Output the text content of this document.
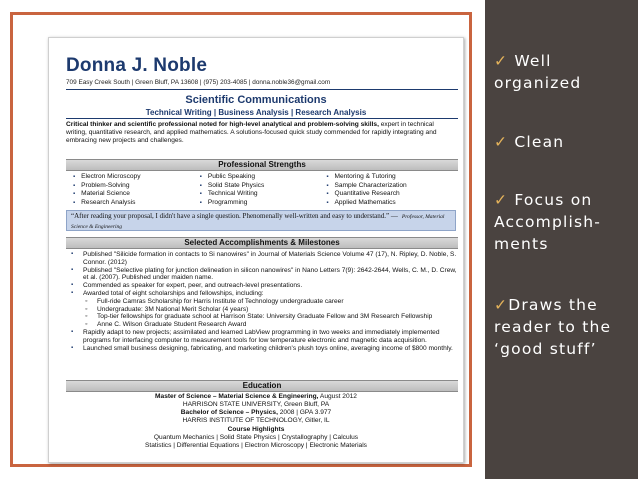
Donna J. Noble
709 Easy Creek South | Green Bluff, PA 13608 | (975) 203-4085 | donna.noble36@gmail.com
Scientific Communications
Technical Writing | Business Analysis | Research Analysis
Critical thinker and scientific professional noted for high-level analytical and problem-solving skills, expert in technical writing, quantitative research, and applied mathematics. A solutions-focused quick study commended for rapidly integrating and embracing new projects and challenges.
Professional Strengths
▪ Electron Microscopy
▪ Problem-Solving
▪ Material Science
▪ Research Analysis
▪ Public Speaking
▪ Solid State Physics
▪ Technical Writing
▪ Programming
▪ Mentoring & Tutoring
▪ Sample Characterization
▪ Quantitative Research
▪ Applied Mathematics
“After reading your proposal, I didn't have a single question. Phenomenally well-written and easy to understand.” — Professor, Material Science & Engineering
Selected Accomplishments & Milestones
▪ Published "Silicide formation in contacts to Si nanowires" in Journal of Materials Science Volume 47 (17), N. Ripley, D. Noble, S. Connor. (2012)
▪ Published "Selective plating for junction delineation in silicon nanowires" in Nano Letters 7(9): 2642-2644, Wells, C. M., D. Crew, et al. (2007). Published under maiden name.
▪ Commended as speaker for expert, peer, and outreach-level presentations.
▪ Awarded total of eight scholarships and fellowships, including:
◦ Full-ride Camras Scholarship for Harris Institute of Technology undergraduate career
◦ Undergraduate: 3M National Merit Scholar (4 years)
◦ Top-tier fellowships for graduate school at Harrison State: University Graduate Fellow and 3M Research Fellowship
◦ Anne C. Wilson Graduate Student Research Award
▪ Rapidly adapt to new projects; assimilated and learned LabView programming in two weeks and immediately implemented programs for interfacing computer to measurement tools for low temperature electronic and magnetic data acquisition.
▪ Launched small business designing, fabricating, and marketing children's plush toys online, averaging income of $800 monthly.
Education
Master of Science – Material Science & Engineering, August 2012
HARRISON STATE UNIVERSITY, Green Bluff, PA
Bachelor of Science – Physics, 2008 | GPA 3.977
HARRIS INSTITUTE OF TECHNOLOGY, Gitler, IL
Course Highlights
Quantum Mechanics | Solid State Physics | Crystallography | Calculus
Statistics | Differential Equations | Electron Microscopy | Electronic Materials
✓ Well organized
✓ Clean
✓ Focus on Accomplish-ments
✓Draws the reader to the ‘good stuff’
